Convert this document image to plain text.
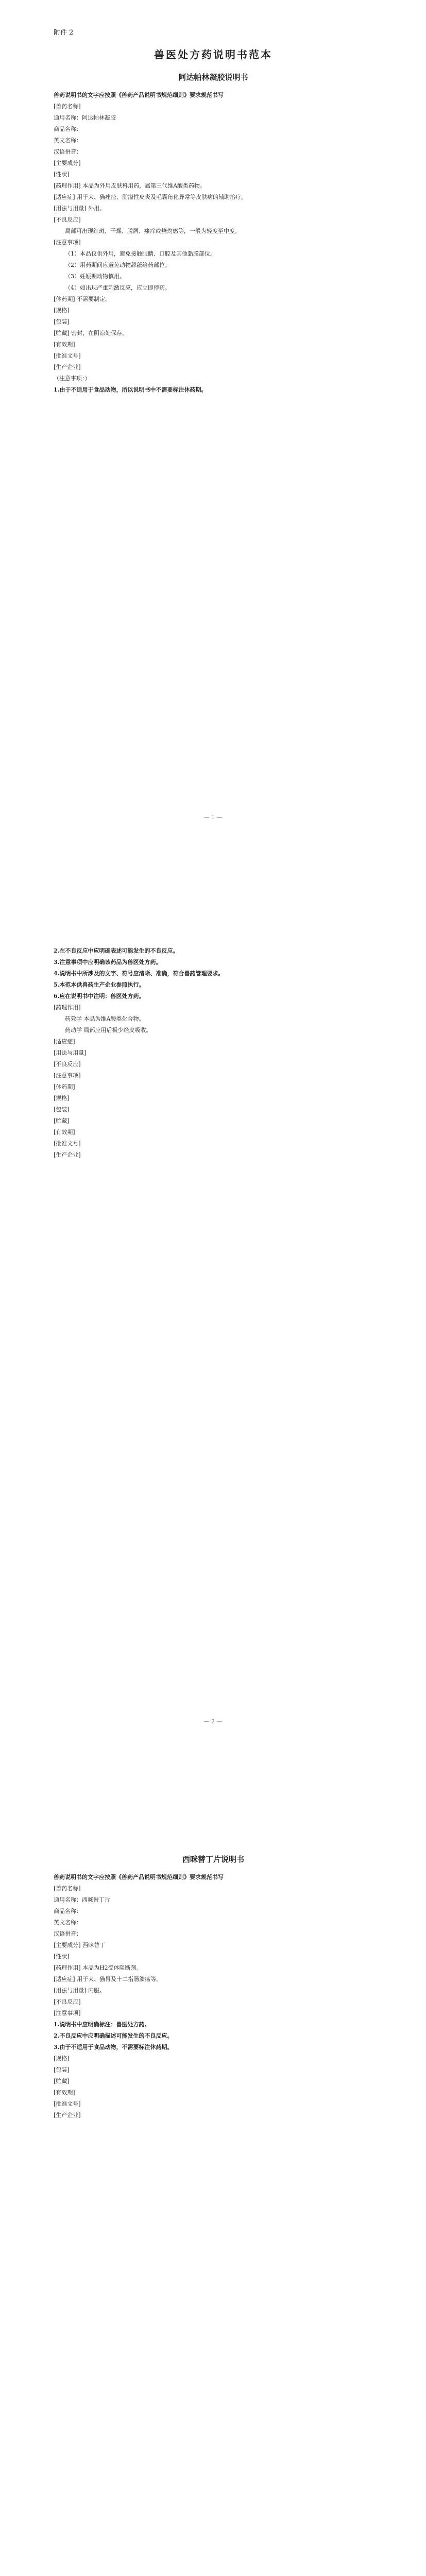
附件 2
兽医处方药说明书范本
阿达帕林凝胶说明书
兽药说明书的文字应按照《兽药产品说明书规范细则》要求规范书写
[兽药名称]
通用名称：阿达帕林凝胶
商品名称：
英文名称：
汉语拼音：
[主要成分]
[性状]
[药理作用] 本品为外用皮肤科用药，属第三代维A酸类药物。
[适应症] 用于犬、猫痤疮、脂溢性皮炎及毛囊角化异常等皮肤病的辅助治疗。
[用法与用量] 外用。
[不良反应]
局部可出现红斑、干燥、脱屑、瘙痒或烧灼感等，一般为轻度至中度。
[注意事项]
（1）本品仅供外用，避免接触眼睛、口腔及其他黏膜部位。
（2）用药期间应避免动物舔舐给药部位。
（3）妊娠期动物慎用。
（4）如出现严重刺激反应，应立即停药。
[休药期] 不需要制定。
[规格]
[包装]
[贮藏] 密封，在阴凉处保存。
[有效期]
[批准文号]
[生产企业]
（注意事项：）
1.由于不适用于食品动物，所以说明书中不需要标注休药期。
— 1 —
2.在不良反应中应明确表述可能发生的不良反应。
3.注意事项中应明确该药品为兽医处方药。
4.说明书中所涉及的文字、符号应清晰、准确，符合兽药管理要求。
5.本范本供兽药生产企业参照执行。
6.应在说明书中注明：兽医处方药。
[药理作用]
药效学 本品为维A酸类化合物。
药动学 局部应用后极少经皮吸收。
[适应症]
[用法与用量]
[不良反应]
[注意事项]
[休药期]
[规格]
[包装]
[贮藏]
[有效期]
[批准文号]
[生产企业]
— 2 —
西咪替丁片说明书
兽药说明书的文字应按照《兽药产品说明书规范细则》要求规范书写
[兽药名称]
通用名称：西咪替丁片
商品名称：
英文名称：
汉语拼音：
[主要成分] 西咪替丁
[性状]
[药理作用] 本品为H2受体阻断剂。
[适应症] 用于犬、猫胃及十二指肠溃疡等。
[用法与用量] 内服。
[不良反应]
[注意事项]
1.说明书中应明确标注：兽医处方药。
2.不良反应中应明确描述可能发生的不良反应。
3.由于不适用于食品动物，不需要标注休药期。
[规格]
[包装]
[贮藏]
[有效期]
[批准文号]
[生产企业]
